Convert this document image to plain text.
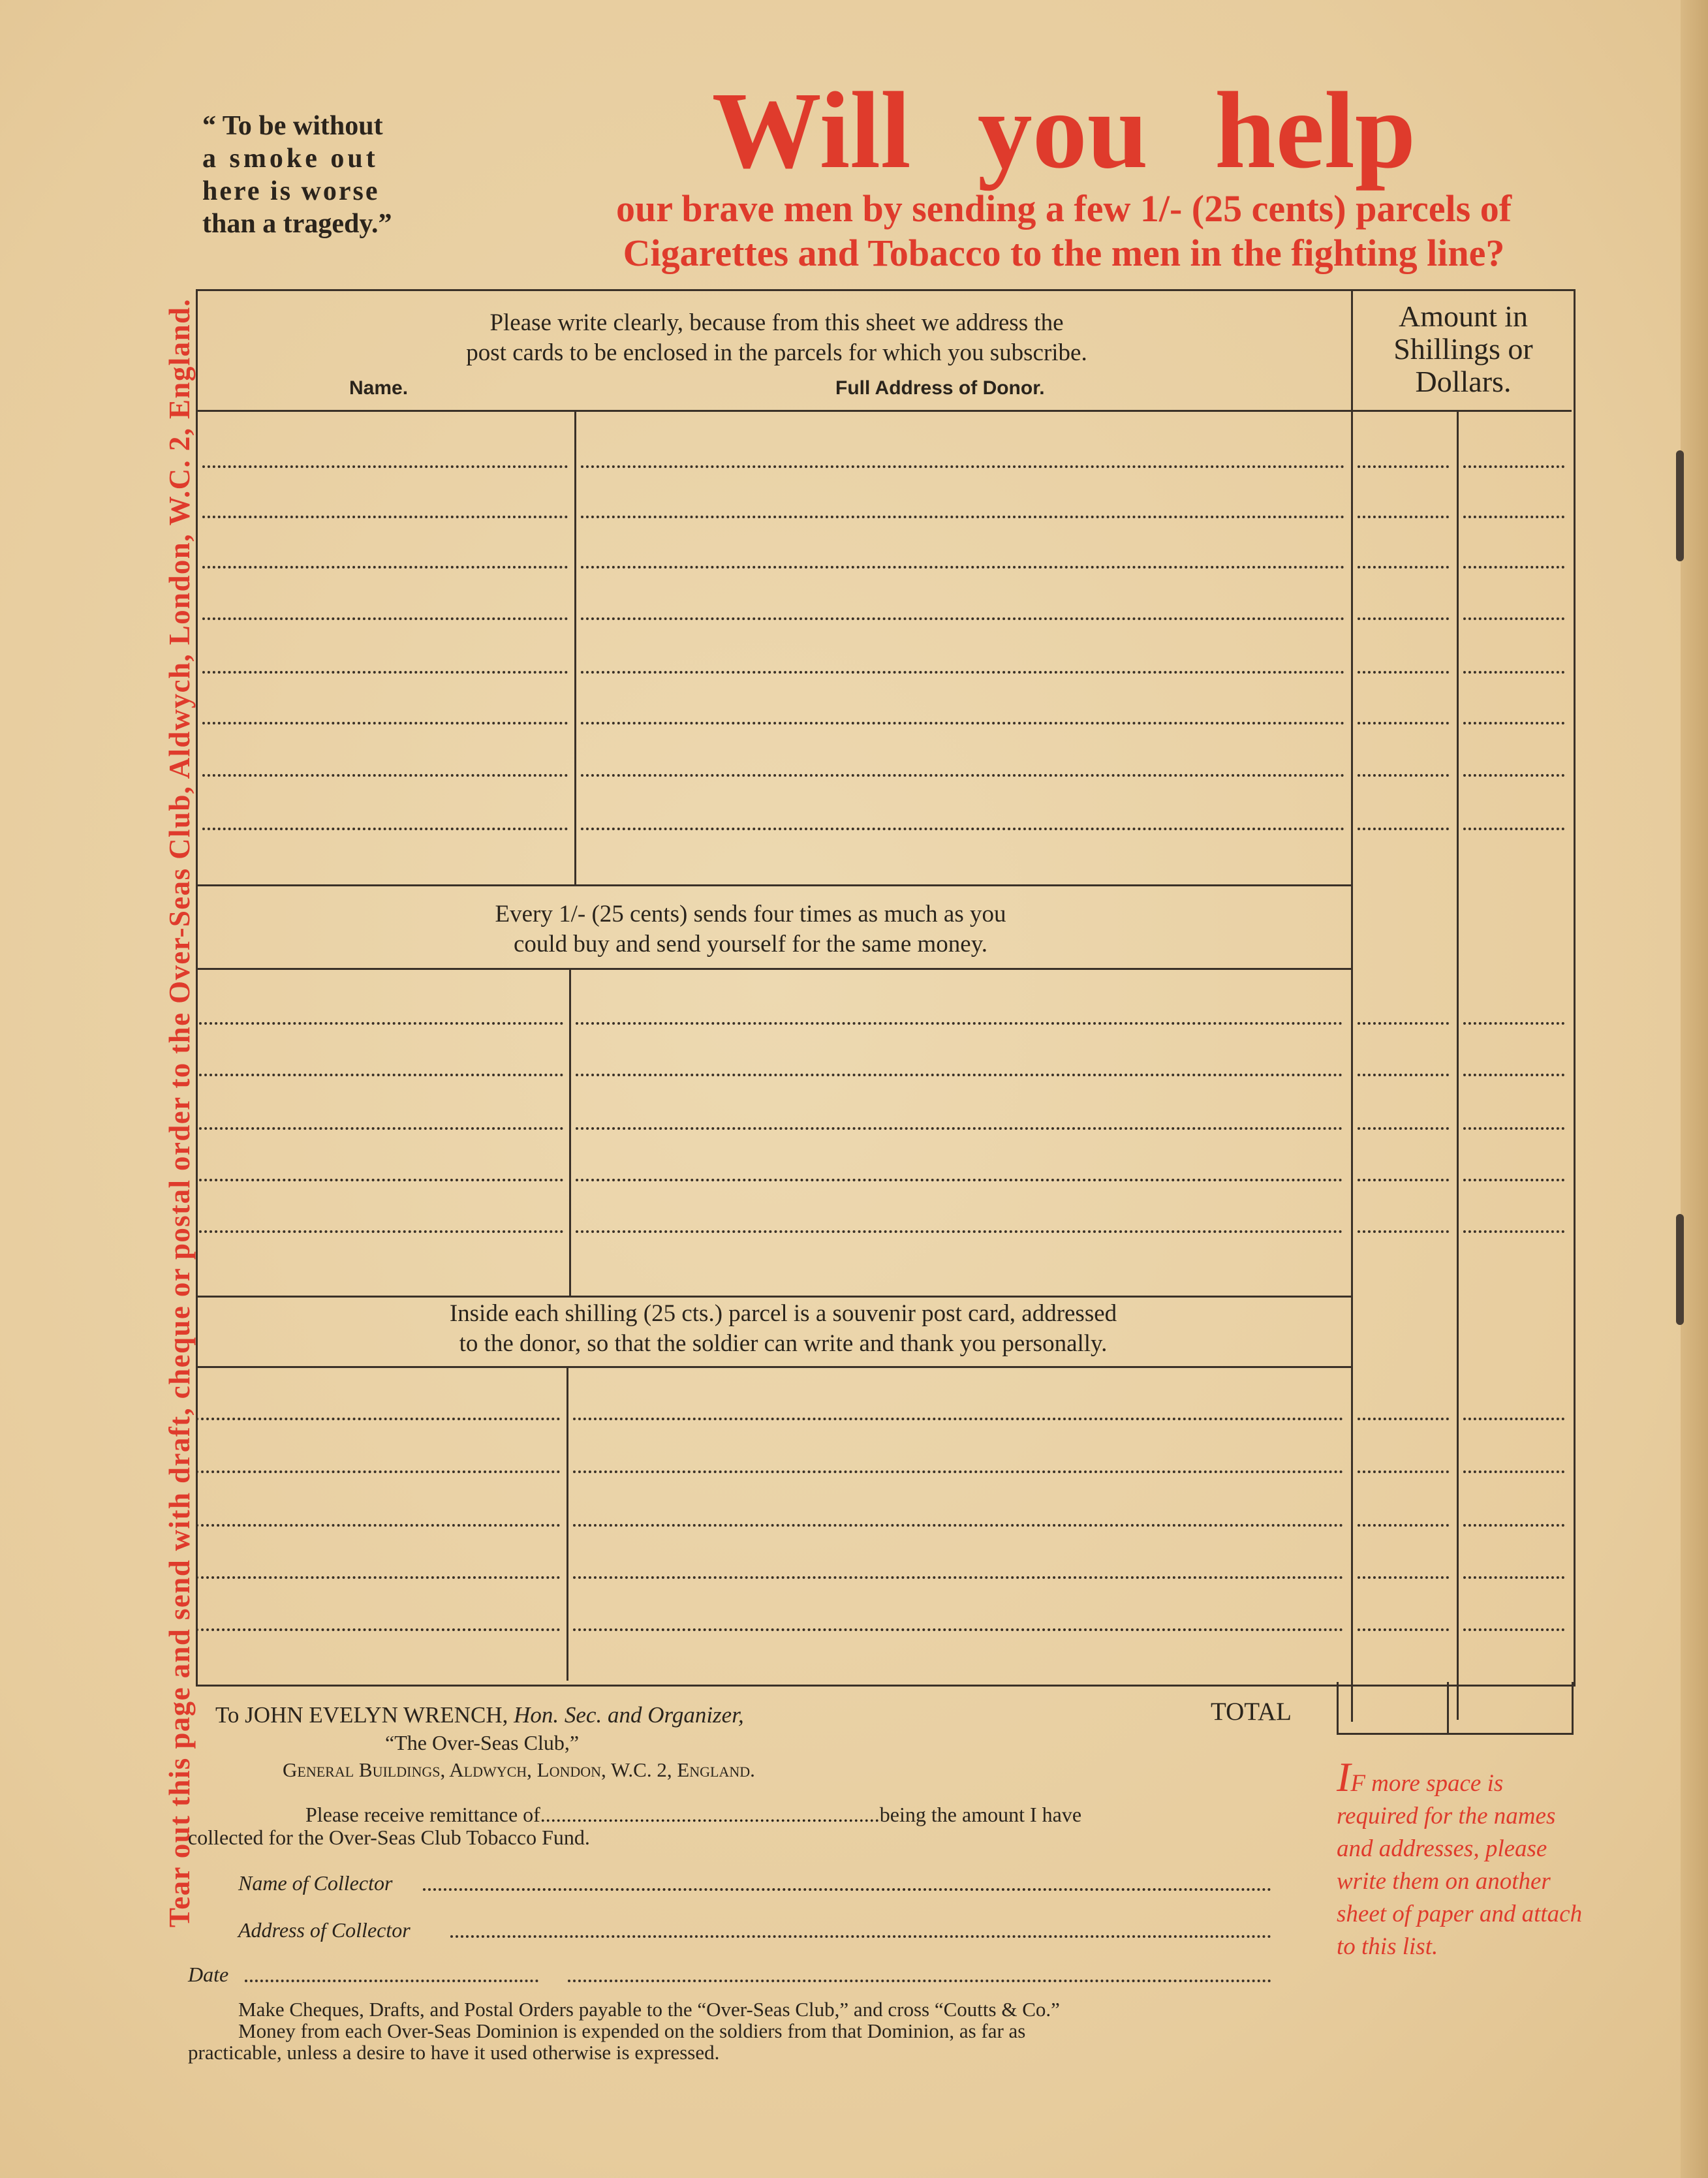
Tear out this page and send with draft, cheque or postal order to the Over-Seas Club, Aldwych, London, W.C. 2, England.
“ To be without
a smoke out
here is worse
than a tragedy.”
Will you help
our brave men by sending a few 1/- (25 cents) parcels of
Cigarettes and Tobacco to the men in the fighting line?
Please write clearly, because from this sheet we address the
post cards to be enclosed in the parcels for which you subscribe.
Name.	Full Address of Donor.
Amount in Shillings or Dollars.
Every 1/- (25 cents) sends four times as much as you
could buy and send yourself for the same money.
Inside each shilling (25 cts.) parcel is a souvenir post card, addressed
to the donor, so that the soldier can write and thank you personally.
To JOHN EVELYN WRENCH, Hon. Sec. and Organizer,
“The Over-Seas Club,”
General Buildings, Aldwych, London, W.C. 2, England.
TOTAL
Please receive remittance of.................................................................being the amount I have
collected for the Over-Seas Club Tobacco Fund.
Name of Collector
Address of Collector
Date
Make Cheques, Drafts, and Postal Orders payable to the “Over-Seas Club,” and cross “Coutts & Co.”
Money from each Over-Seas Dominion is expended on the soldiers from that Dominion, as far as
practicable, unless a desire to have it used otherwise is expressed.
IF more space is required for the names and addresses, please write them on another sheet of paper and attach to this list.
